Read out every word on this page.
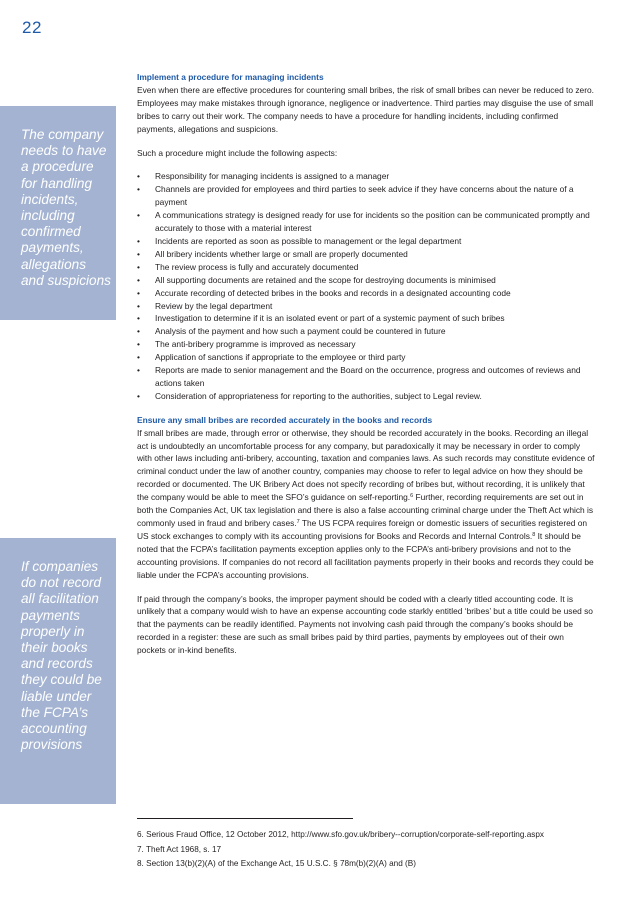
22
The company needs to have a procedure for handling incidents, including confirmed payments, allegations and suspicions
If companies do not record all facilitation payments properly in their books and records they could be liable under the FCPA’s accounting provisions

Implement a procedure for managing incidents

Even when there are effective procedures for countering small bribes, the risk of small bribes can never be reduced to zero. Employees may make mistakes through ignorance, negligence or inadvertence. Third parties may disguise the use of small bribes to carry out their work. The company needs to have a procedure for handling incidents, including confirmed payments, allegations and suspicions.

Such a procedure might include the following aspects:

• Responsibility for managing incidents is assigned to a manager
• Channels are provided for employees and third parties to seek advice if they have concerns about the nature of a payment
• A communications strategy is designed ready for use for incidents so the position can be communicated promptly and accurately to those with a material interest
• Incidents are reported as soon as possible to management or the legal department
• All bribery incidents whether large or small are properly documented
• The review process is fully and accurately documented
• All supporting documents are retained and the scope for destroying documents is minimised
• Accurate recording of detected bribes in the books and records in a designated accounting code
• Review by the legal department
• Investigation to determine if it is an isolated event or part of a systemic payment of such bribes
• Analysis of the payment and how such a payment could be countered in future
• The anti-bribery programme is improved as necessary
• Application of sanctions if appropriate to the employee or third party
• Reports are made to senior management and the Board on the occurrence, progress and outcomes of reviews and actions taken
• Consideration of appropriateness for reporting to the authorities, subject to Legal review.

Ensure any small bribes are recorded accurately in the books and records

If small bribes are made, through error or otherwise, they should be recorded accurately in the books. Recording an illegal act is undoubtedly an uncomfortable process for any company, but paradoxically it may be necessary in order to comply with other laws including anti-bribery, accounting, taxation and companies laws. As such records may constitute evidence of criminal conduct under the law of another country, companies may choose to refer to legal advice on how they should be recorded or documented. The UK Bribery Act does not specify recording of bribes but, without recording, it is unlikely that the company would be able to meet the SFO’s guidance on self-reporting.$^6$ Further, recording requirements are set out in both the Companies Act, UK tax legislation and there is also a false accounting criminal charge under the Theft Act which is commonly used in fraud and bribery cases.$^7$ The US FCPA requires foreign or domestic issuers of securities registered on US stock exchanges to comply with its accounting provisions for Books and Records and Internal Controls.$^8$ It should be noted that the FCPA’s facilitation payments exception applies only to the FCPA’s anti-bribery provisions and not to the accounting provisions. If companies do not record all facilitation payments properly in their books and records they could be liable under the FCPA’s accounting provisions.

If paid through the company’s books, the improper payment should be coded with a clearly titled accounting code. It is unlikely that a company would wish to have an expense accounting code starkly entitled ‘bribes’ but a title could be used so that the payments can be readily identified. Payments not involving cash paid through the company’s books should be recorded in a register: these are such as small bribes paid by third parties, payments by employees out of their own pockets or in-kind benefits.

6. Serious Fraud Office, 12 October 2012, http://www.sfo.gov.uk/bribery--corruption/corporate-self-reporting.aspx
7. Theft Act 1968, s. 17
8. Section 13(b)(2)(A) of the Exchange Act, 15 U.S.C. § 78m(b)(2)(A) and (B)
